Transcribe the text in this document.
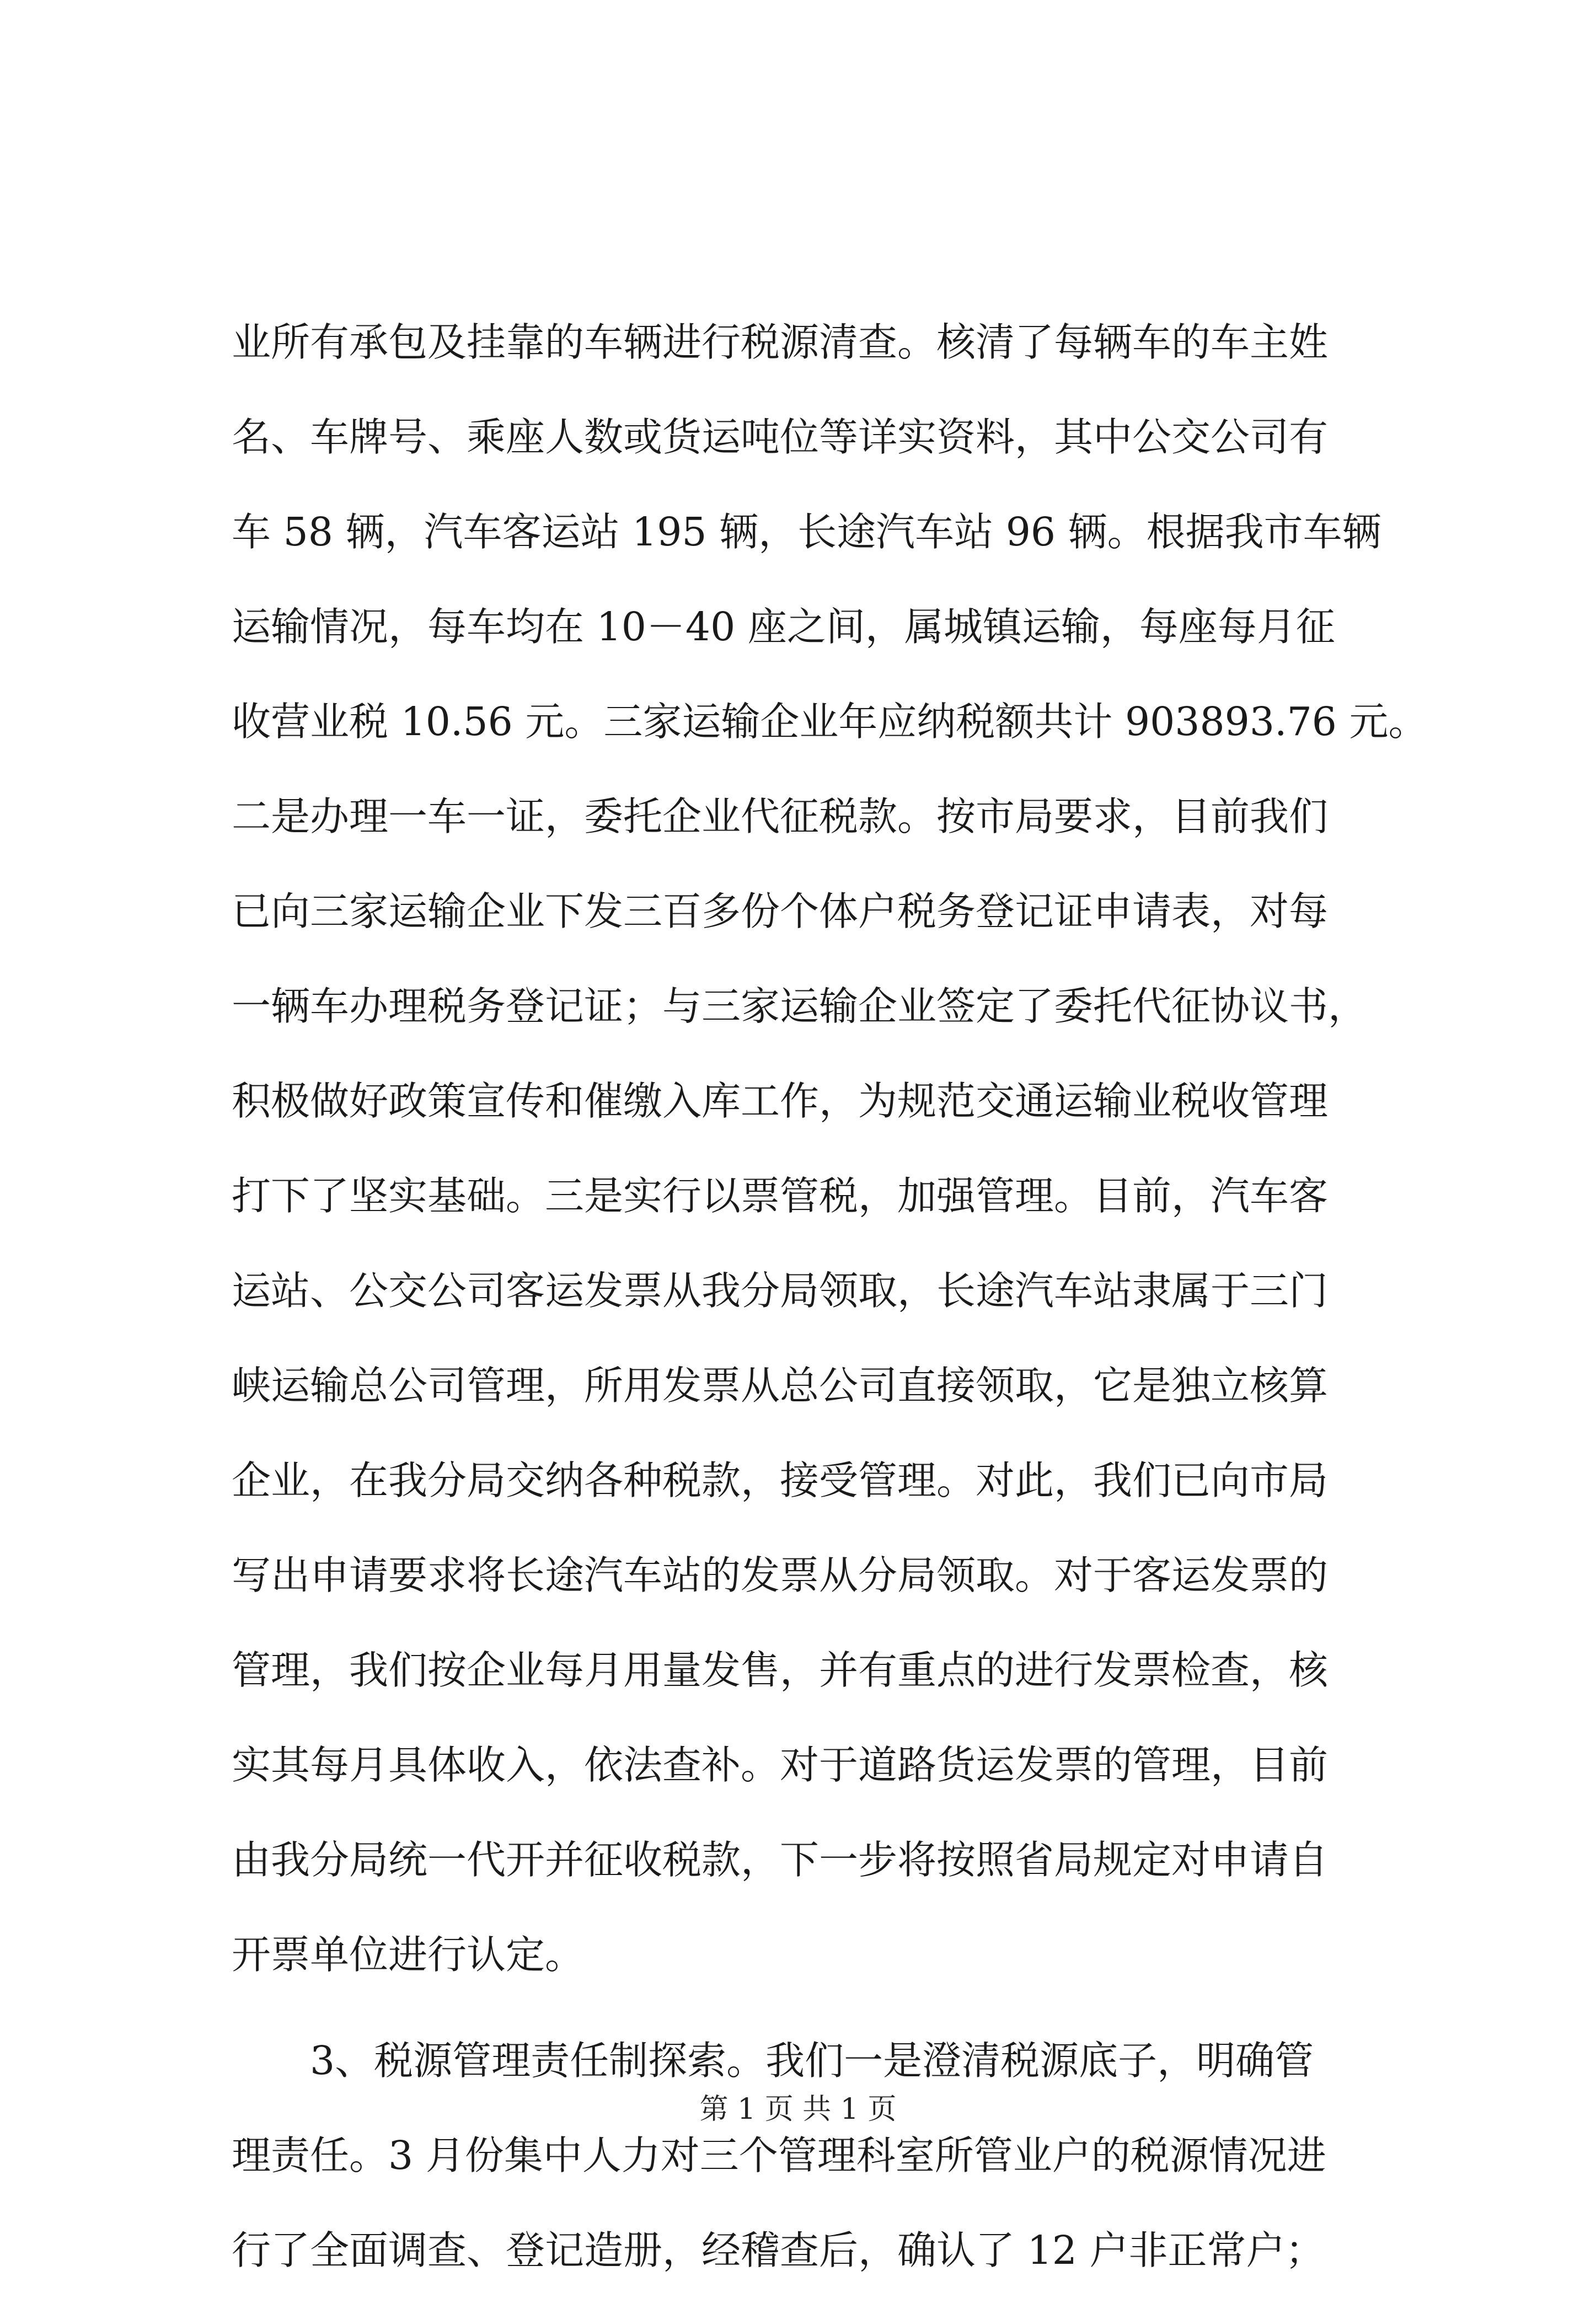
业所有承包及挂靠的车辆进行税源清查。核清了每辆车的车主姓
名、车牌号、乘座人数或货运吨位等详实资料，其中公交公司有
车 58 辆，汽车客运站 195 辆，长途汽车站 96 辆。根据我市车辆
运输情况，每车均在 10－40 座之间，属城镇运输，每座每月征
收营业税 10.56 元。三家运输企业年应纳税额共计 903893.76 元。
二是办理一车一证，委托企业代征税款。按市局要求，目前我们
已向三家运输企业下发三百多份个体户税务登记证申请表，对每
一辆车办理税务登记证；与三家运输企业签定了委托代征协议书，
积极做好政策宣传和催缴入库工作，为规范交通运输业税收管理
打下了坚实基础。三是实行以票管税，加强管理。目前，汽车客
运站、公交公司客运发票从我分局领取，长途汽车站隶属于三门
峡运输总公司管理，所用发票从总公司直接领取，它是独立核算
企业，在我分局交纳各种税款，接受管理。对此，我们已向市局
写出申请要求将长途汽车站的发票从分局领取。对于客运发票的
管理，我们按企业每月用量发售，并有重点的进行发票检查，核
实其每月具体收入，依法查补。对于道路货运发票的管理，目前
由我分局统一代开并征收税款，下一步将按照省局规定对申请自
开票单位进行认定。
3、税源管理责任制探索。我们一是澄清税源底子，明确管
理责任。3 月份集中人力对三个管理科室所管业户的税源情况进
行了全面调查、登记造册，经稽查后，确认了 12 户非正常户；
第 1 页 共 1 页
